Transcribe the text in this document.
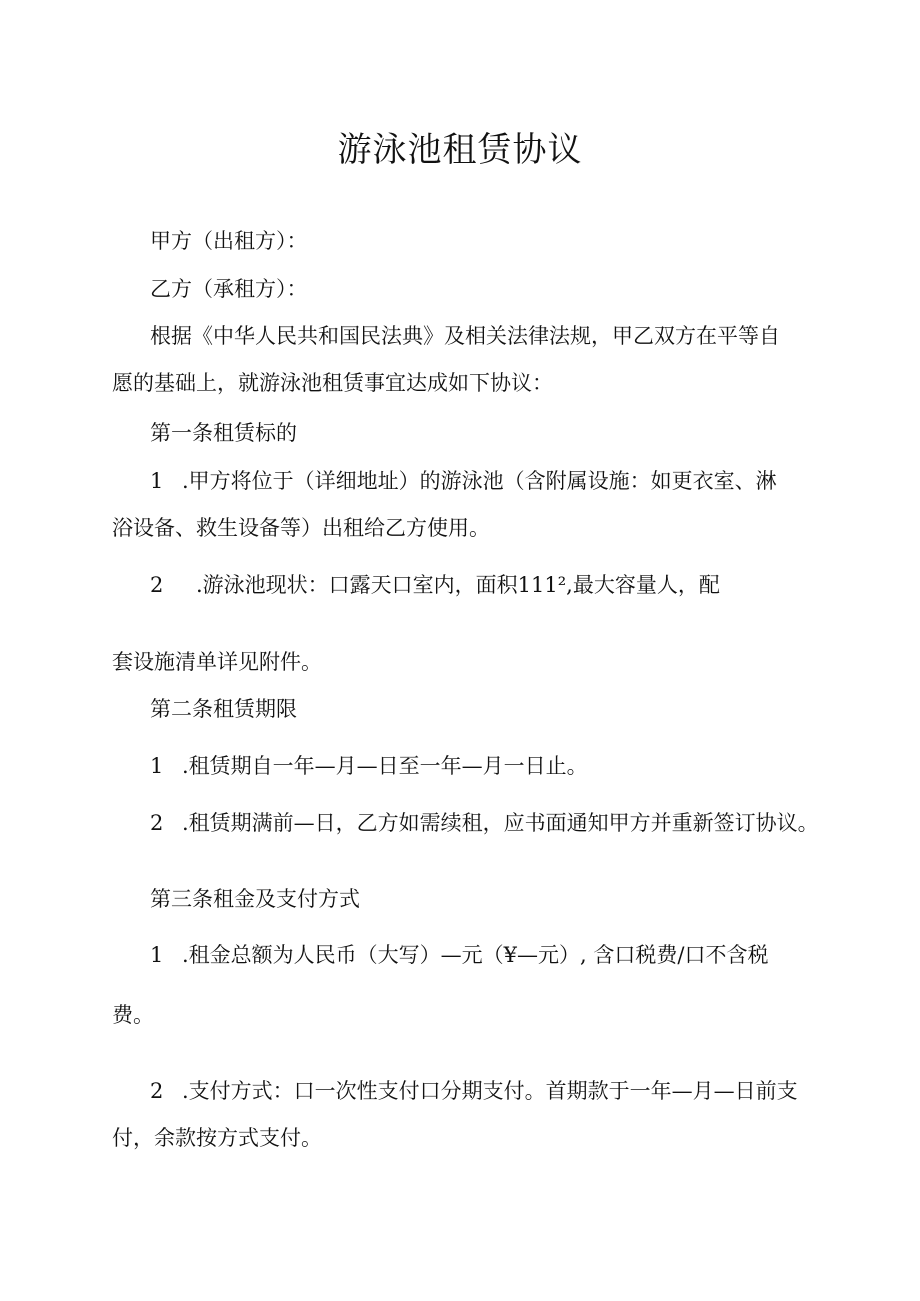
游泳池租赁协议

甲方（出租方）：

乙方（承租方）：

根据《中华人民共和国民法典》及相关法律法规，甲乙双方在平等自

愿的基础上，就游泳池租赁事宜达成如下协议：

第一条租赁标的

1 .甲方将位于（详细地址）的游泳池（含附属设施：如更衣室、淋

浴设备、救生设备等）出租给乙方使用。

2 .游泳池现状：口露天口室内，面积111²,最大容量人，配

套设施清单详见附件。

第二条租赁期限

1 .租赁期自一年—月—日至一年—月一日止。

2 .租赁期满前—日，乙方如需续租，应书面通知甲方并重新签订协议。

第三条租金及支付方式

1 .租金总额为人民币（大写）—元（¥—元）, 含口税费/口不含税

费。

2 .支付方式：口一次性支付口分期支付。首期款于一年—月—日前支

付，余款按方式支付。
